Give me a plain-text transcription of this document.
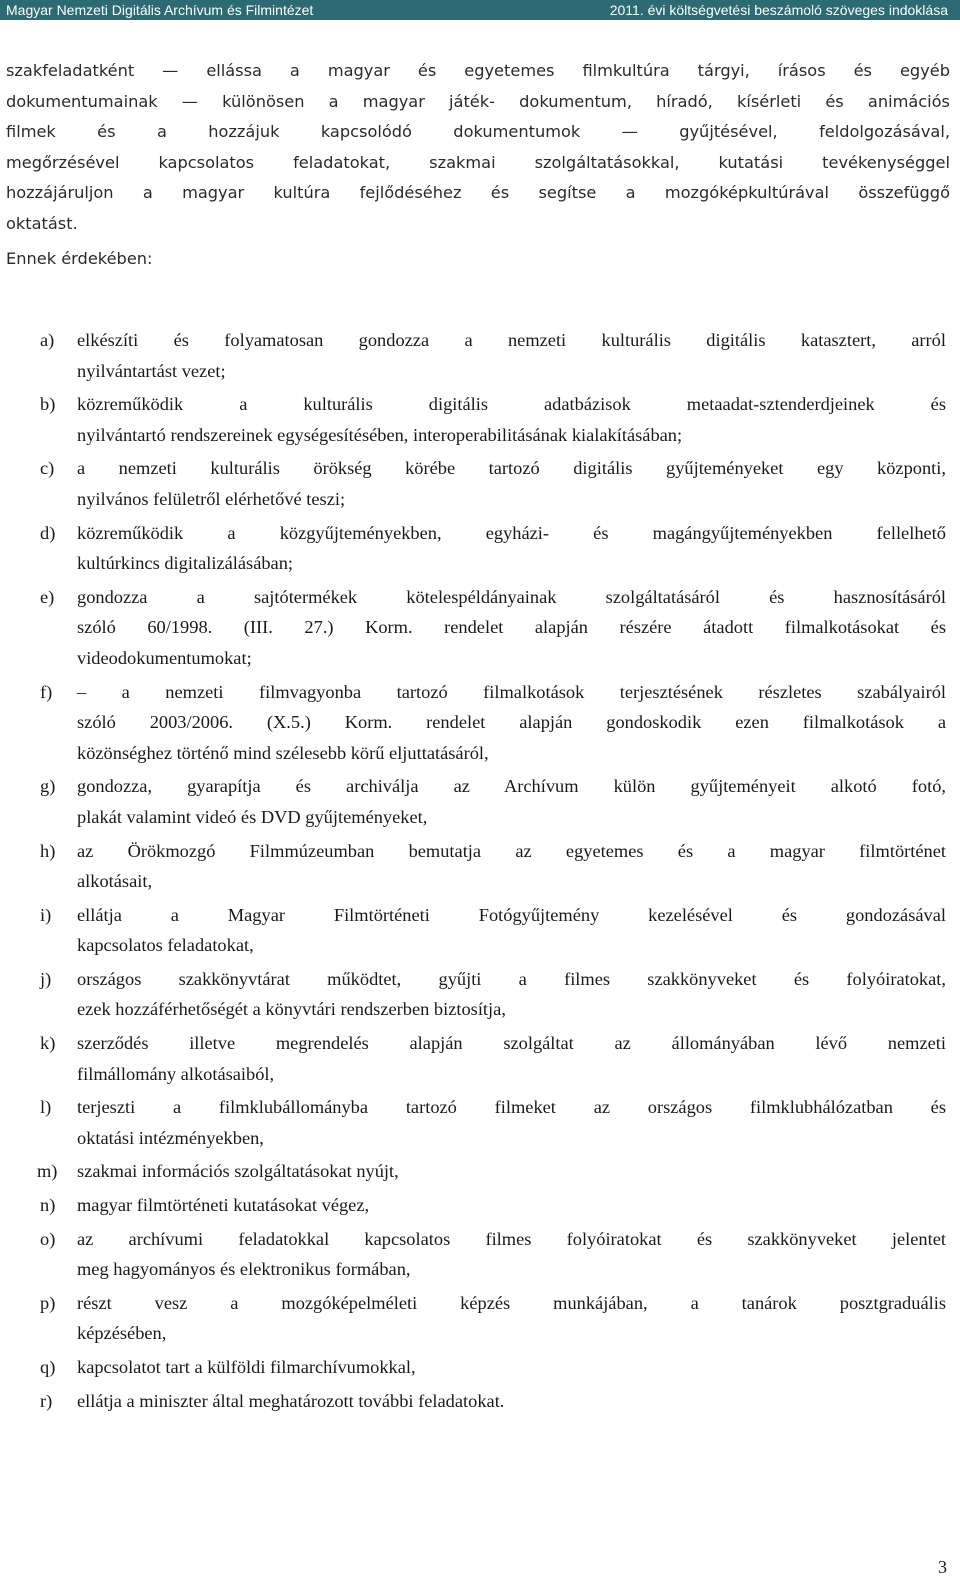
Magyar Nemzeti Digitális Archívum és Filmintézet	2011. évi költségvetési beszámoló szöveges indoklása
szakfeladatként — ellássa a magyar és egyetemes filmkultúra tárgyi, írásos és egyéb
dokumentumainak — különösen a magyar játék- dokumentum, híradó, kísérleti és animációs
filmek és a hozzájuk kapcsolódó dokumentumok — gyűjtésével, feldolgozásával,
megőrzésével kapcsolatos feladatokat, szakmai szolgáltatásokkal, kutatási tevékenységgel
hozzájáruljon a magyar kultúra fejlődéséhez és segítse a mozgóképkultúrával összefüggő
oktatást.
Ennek érdekében:
a) elkészíti és folyamatosan gondozza a nemzeti kulturális digitális katasztert, arról
nyilvántartást vezet;
b) közreműködik a kulturális digitális adatbázisok metaadat-sztenderdjeinek és
nyilvántartó rendszereinek egységesítésében, interoperabilitásának kialakításában;
c) a nemzeti kulturális örökség körébe tartozó digitális gyűjteményeket egy központi,
nyilvános felületről elérhetővé teszi;
d) közreműködik a közgyűjteményekben, egyházi- és magángyűjteményekben fellelhető
kultúrkincs digitalizálásában;
e) gondozza a sajtótermékek kötelespéldányainak szolgáltatásáról és hasznosításáról
szóló 60/1998. (III. 27.) Korm. rendelet alapján részére átadott filmalkotásokat és
videodokumentumokat;
f) – a nemzeti filmvagyonba tartozó filmalkotások terjesztésének részletes szabályairól
szóló 2003/2006. (X.5.) Korm. rendelet alapján gondoskodik ezen filmalkotások a
közönséghez történő mind szélesebb körű eljuttatásáról,
g) gondozza, gyarapítja és archiválja az Archívum külön gyűjteményeit alkotó fotó,
plakát valamint videó és DVD gyűjteményeket,
h) az Örökmozgó Filmmúzeumban bemutatja az egyetemes és a magyar filmtörténet
alkotásait,
i) ellátja a Magyar Filmtörténeti Fotógyűjtemény kezelésével és gondozásával
kapcsolatos feladatokat,
j) országos szakkönyvtárat működtet, gyűjti a filmes szakkönyveket és folyóiratokat,
ezek hozzáférhetőségét a könyvtári rendszerben biztosítja,
k) szerződés illetve megrendelés alapján szolgáltat az állományában lévő nemzeti
filmállomány alkotásaiból,
l) terjeszti a filmklubállományba tartozó filmeket az országos filmklubhálózatban és
oktatási intézményekben,
m) szakmai információs szolgáltatásokat nyújt,
n) magyar filmtörténeti kutatásokat végez,
o) az archívumi feladatokkal kapcsolatos filmes folyóiratokat és szakkönyveket jelentet
meg hagyományos és elektronikus formában,
p) részt vesz a mozgóképelméleti képzés munkájában, a tanárok posztgraduális
képzésében,
q) kapcsolatot tart a külföldi filmarchívumokkal,
r) ellátja a miniszter által meghatározott további feladatokat.
3
